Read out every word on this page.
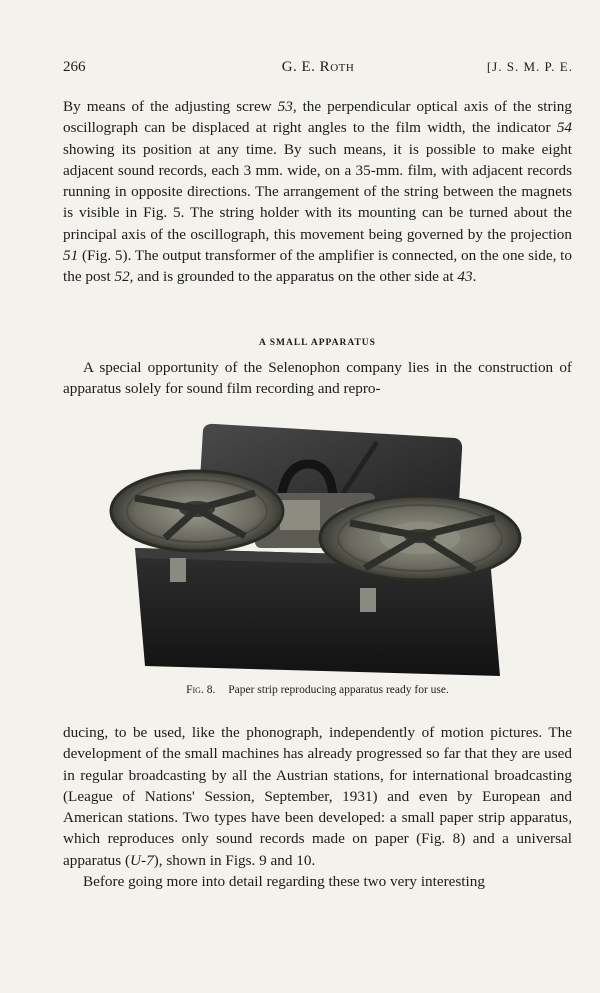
266	G. E. Roth	[J. S. M. P. E.

By means of the adjusting screw 53, the perpendicular optical axis of the string oscillograph can be displaced at right angles to the film width, the indicator 54 showing its position at any time. By such means, it is possible to make eight adjacent sound records, each 3 mm. wide, on a 35-mm. film, with adjacent records running in opposite directions. The arrangement of the string between the magnets is visible in Fig. 5. The string holder with its mounting can be turned about the principal axis of the oscillograph, this movement being governed by the projection 51 (Fig. 5). The output transformer of the amplifier is connected, on the one side, to the post 52, and is grounded to the apparatus on the other side at 43.

A SMALL APPARATUS

A special opportunity of the Selenophon company lies in the construction of apparatus solely for sound film recording and repro-

Fig. 8. Paper strip reproducing apparatus ready for use.

ducing, to be used, like the phonograph, independently of motion pictures. The development of the small machines has already progressed so far that they are used in regular broadcasting by all the Austrian stations, for international broadcasting (League of Nations' Session, September, 1931) and even by European and American stations. Two types have been developed: a small paper strip apparatus, which reproduces only sound records made on paper (Fig. 8) and a universal apparatus (U-7), shown in Figs. 9 and 10.

Before going more into detail regarding these two very interesting
